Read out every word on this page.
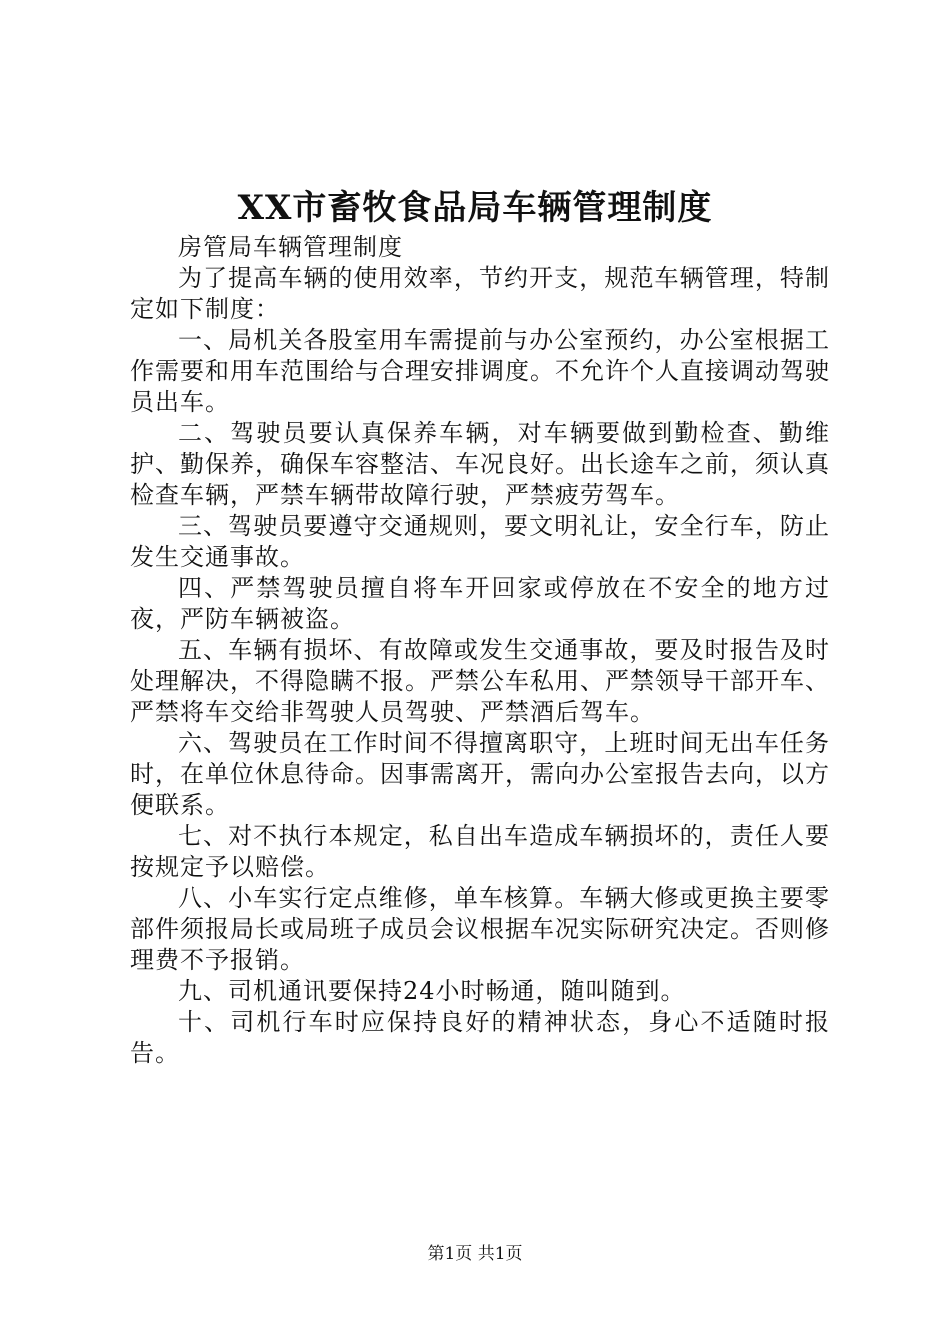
XX市畜牧食品局车辆管理制度

房管局车辆管理制度

为了提高车辆的使用效率，节约开支，规范车辆管理，特制定如下制度：

一、局机关各股室用车需提前与办公室预约，办公室根据工作需要和用车范围给与合理安排调度。不允许个人直接调动驾驶员出车。

二、驾驶员要认真保养车辆，对车辆要做到勤检查、勤维护、勤保养，确保车容整洁、车况良好。出长途车之前，须认真检查车辆，严禁车辆带故障行驶，严禁疲劳驾车。

三、驾驶员要遵守交通规则，要文明礼让，安全行车，防止发生交通事故。

四、严禁驾驶员擅自将车开回家或停放在不安全的地方过夜，严防车辆被盗。

五、车辆有损坏、有故障或发生交通事故，要及时报告及时处理解决，不得隐瞒不报。严禁公车私用、严禁领导干部开车、严禁将车交给非驾驶人员驾驶、严禁酒后驾车。

六、驾驶员在工作时间不得擅离职守，上班时间无出车任务时，在单位休息待命。因事需离开，需向办公室报告去向，以方便联系。

七、对不执行本规定，私自出车造成车辆损坏的，责任人要按规定予以赔偿。

八、小车实行定点维修，单车核算。车辆大修或更换主要零部件须报局长或局班子成员会议根据车况实际研究决定。否则修理费不予报销。

九、司机通讯要保持24小时畅通，随叫随到。

十、司机行车时应保持良好的精神状态，身心不适随时报告。

第1页 共1页
